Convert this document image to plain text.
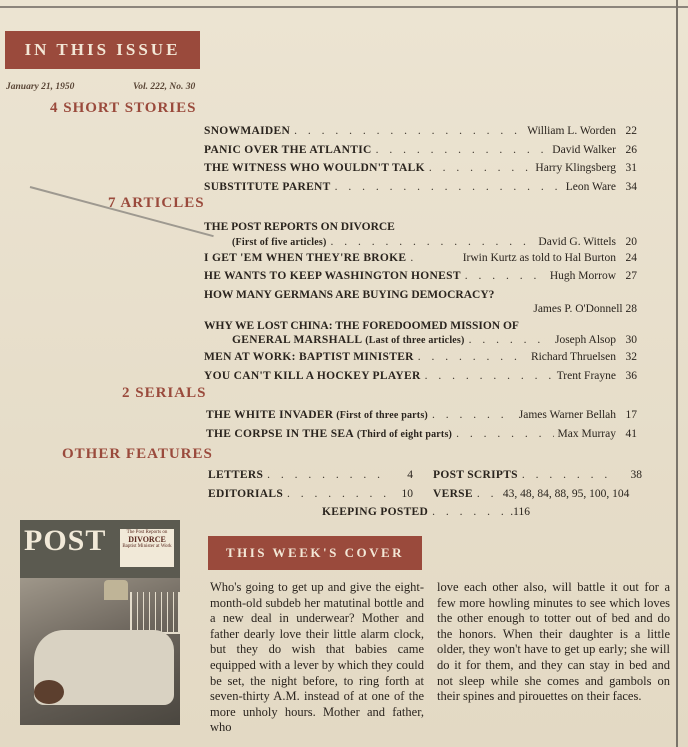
IN THIS ISSUE
January 21, 1950	Vol. 222, No. 30
4 SHORT STORIES
SNOWMAIDEN . . .	William L. Worden 22
PANIC OVER THE ATLANTIC . . .	David Walker 26
THE WITNESS WHO WOULDN'T TALK . . .	Harry Klingsberg 31
SUBSTITUTE PARENT . . .	Leon Ware 34
7 ARTICLES
THE POST REPORTS ON DIVORCE
(First of five articles) . . .	David G. Wittels 20
I GET 'EM WHEN THEY'RE BROKE . . .	Irwin Kurtz as told to Hal Burton 24
HE WANTS TO KEEP WASHINGTON HONEST . . .	Hugh Morrow 27
HOW MANY GERMANS ARE BUYING DEMOCRACY?
James P. O'Donnell 28
WHY WE LOST CHINA: THE FOREDOOMED MISSION OF
GENERAL MARSHALL
(Last of three articles) . . .	Joseph Alsop 30
MEN AT WORK: BAPTIST MINISTER . . .	Richard Thruelsen 32
YOU CAN'T KILL A HOCKEY PLAYER . . .	Trent Frayne 36
2 SERIALS
THE WHITE INVADER
(First of three parts) . . .	James Warner Bellah 17
THE CORPSE IN THE SEA
(Third of eight parts) . . .	Max Murray 41
OTHER FEATURES
LETTERS . . .	4
EDITORIALS . . .	10
POST SCRIPTS . . .	38
VERSE . . .	43, 48, 84, 88, 95, 100, 104
KEEPING POSTED . . .	.116
POST	The Post Reports on
DIVORCE
Baptist Minister at Work	THIS WEEK'S COVER
Who's going to get up and give the eight-month-old subdeb her matutinal bottle and a new deal in underwear? Mother and father dearly love their little alarm clock, but they do wish that babies came equipped with a lever by which they could be set, the night before, to ring forth at seven-thirty A.M. instead of at one of the more unholy hours. Mother and father, who
love each other also, will battle it out for a few more howling minutes to see which loves the other enough to totter out of bed and do the honors. When their daughter is a little older, they won't have to get up early; she will do it for them, and they can stay in bed and not sleep while she comes and gambols on their spines and pirouettes on their faces.
